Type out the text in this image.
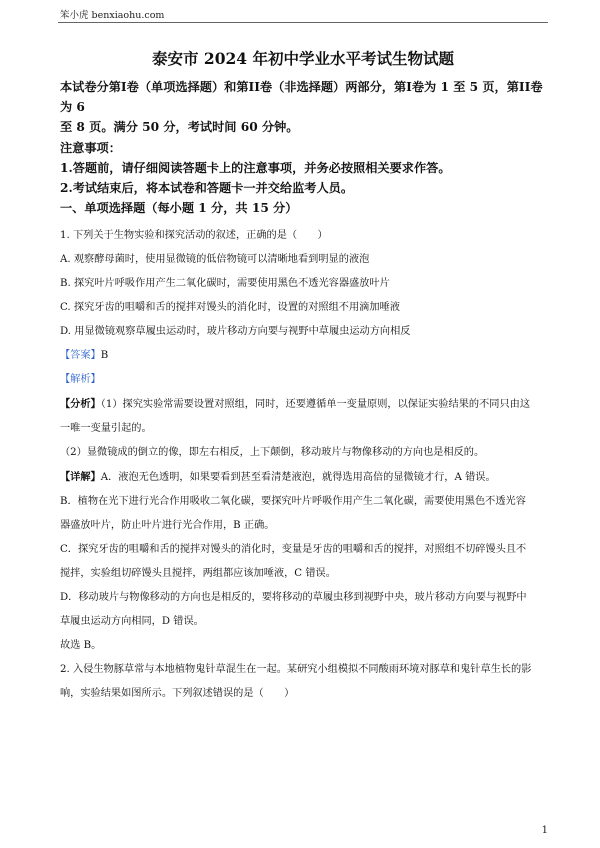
笨小虎 benxiaohu.com
泰安市 2024 年初中学业水平考试生物试题
本试卷分第I卷（单项选择题）和第II卷（非选择题）两部分，第I卷为 1 至 5 页，第II卷为 6
至 8 页。满分 50 分，考试时间 60 分钟。
注意事项：
1.答题前，请仔细阅读答题卡上的注意事项，并务必按照相关要求作答。
2.考试结束后，将本试卷和答题卡一并交给监考人员。
一、单项选择题（每小题 1 分，共 15 分）
1. 下列关于生物实验和探究活动的叙述，正确的是（　　）
A. 观察酵母菌时，使用显微镜的低倍物镜可以清晰地看到明显的液泡
B. 探究叶片呼吸作用产生二氧化碳时，需要使用黑色不透光容器盛放叶片
C. 探究牙齿的咀嚼和舌的搅拌对馒头的消化时，设置的对照组不用滴加唾液
D. 用显微镜观察草履虫运动时，玻片移动方向要与视野中草履虫运动方向相反
【答案】B
【解析】
【分析】（1）探究实验常需要设置对照组，同时，还要遵循单一变量原则，以保证实验结果的不同只由这
一唯一变量引起的。
（2）显微镜成的倒立的像，即左右相反，上下颠倒，移动玻片与物像移动的方向也是相反的。
【详解】A．液泡无色透明，如果要看到甚至看清楚液泡，就得选用高倍的显微镜才行，A 错误。
B．植物在光下进行光合作用吸收二氧化碳，要探究叶片呼吸作用产生二氧化碳，需要使用黑色不透光容
器盛放叶片，防止叶片进行光合作用，B 正确。
C．探究牙齿的咀嚼和舌的搅拌对馒头的消化时，变量是牙齿的咀嚼和舌的搅拌，对照组不切碎馒头且不
搅拌，实验组切碎馒头且搅拌，两组都应该加唾液，C 错误。
D．移动玻片与物像移动的方向也是相反的，要将移动的草履虫移到视野中央，玻片移动方向要与视野中
草履虫运动方向相同，D 错误。
故选 B。
2. 入侵生物豚草常与本地植物鬼针草混生在一起。某研究小组模拟不同酸雨环境对豚草和鬼针草生长的影
响，实验结果如图所示。下列叙述错误的是（　　）
1
